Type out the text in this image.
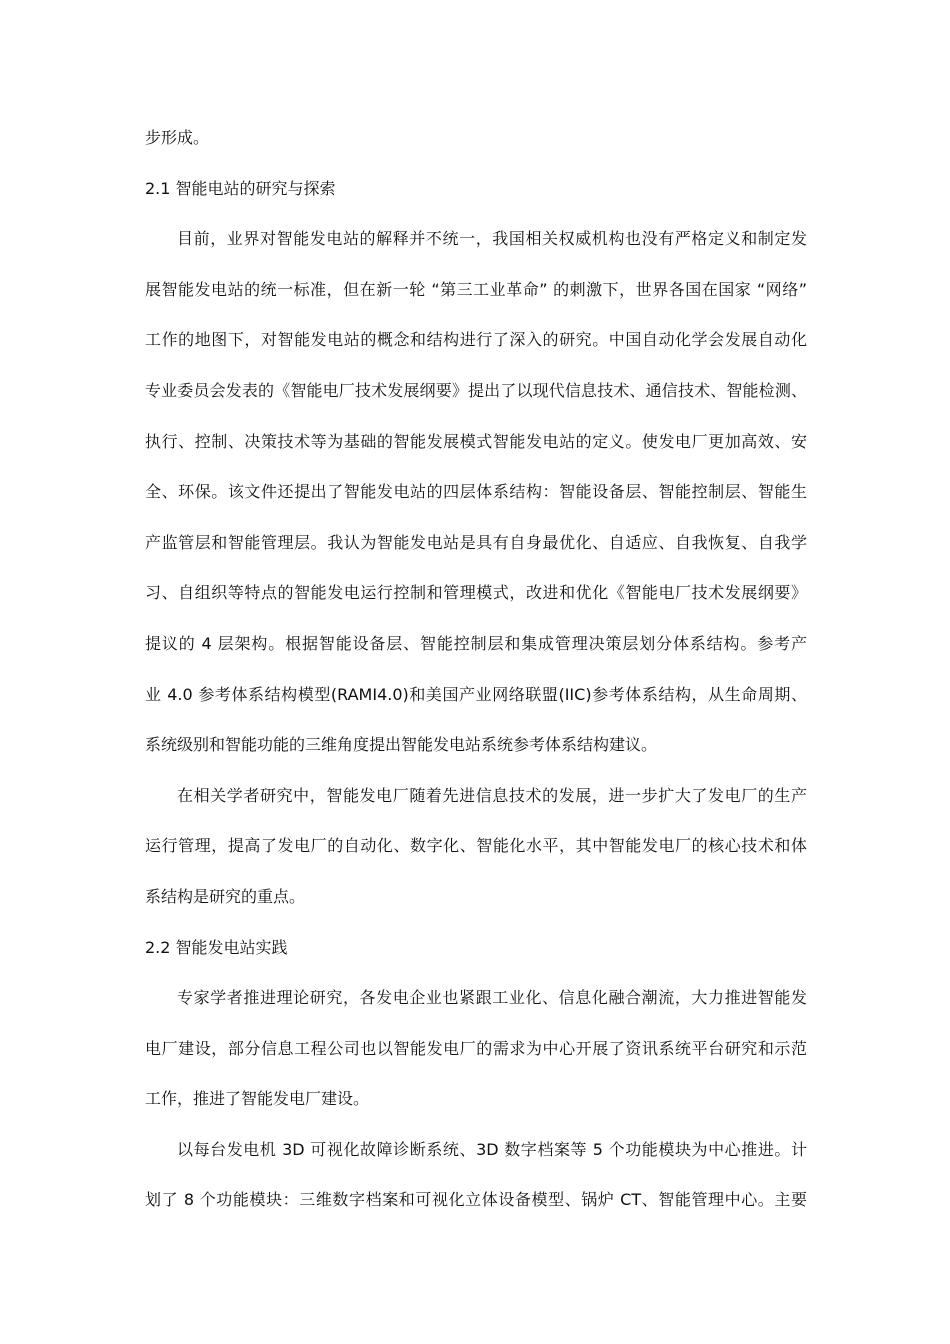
步形成。
2.1 智能电站的研究与探索
目前，业界对智能发电站的解释并不统一，我国相关权威机构也没有严格定义和制定发
展智能发电站的统一标准，但在新一轮 “第三工业革命” 的刺激下，世界各国在国家 “网络”
工作的地图下，对智能发电站的概念和结构进行了深入的研究。中国自动化学会发展自动化
专业委员会发表的《智能电厂技术发展纲要》提出了以现代信息技术、通信技术、智能检测、
执行、控制、决策技术等为基础的智能发展模式智能发电站的定义。使发电厂更加高效、安
全、环保。该文件还提出了智能发电站的四层体系结构：智能设备层、智能控制层、智能生
产监管层和智能管理层。我认为智能发电站是具有自身最优化、自适应、自我恢复、自我学
习、自组织等特点的智能发电运行控制和管理模式，改进和优化《智能电厂技术发展纲要》
提议的 4 层架构。根据智能设备层、智能控制层和集成管理决策层划分体系结构。参考产
业 4.0 参考体系结构模型(RAMI4.0)和美国产业网络联盟(IIC)参考体系结构，从生命周期、
系统级别和智能功能的三维角度提出智能发电站系统参考体系结构建议。
在相关学者研究中，智能发电厂随着先进信息技术的发展，进一步扩大了发电厂的生产
运行管理，提高了发电厂的自动化、数字化、智能化水平，其中智能发电厂的核心技术和体
系结构是研究的重点。
2.2 智能发电站实践
专家学者推进理论研究，各发电企业也紧跟工业化、信息化融合潮流，大力推进智能发
电厂建设，部分信息工程公司也以智能发电厂的需求为中心开展了资讯系统平台研究和示范
工作，推进了智能发电厂建设。
以每台发电机 3D 可视化故障诊断系统、3D 数字档案等 5 个功能模块为中心推进。计
划了 8 个功能模块：三维数字档案和可视化立体设备模型、锅炉 CT、智能管理中心。主要
